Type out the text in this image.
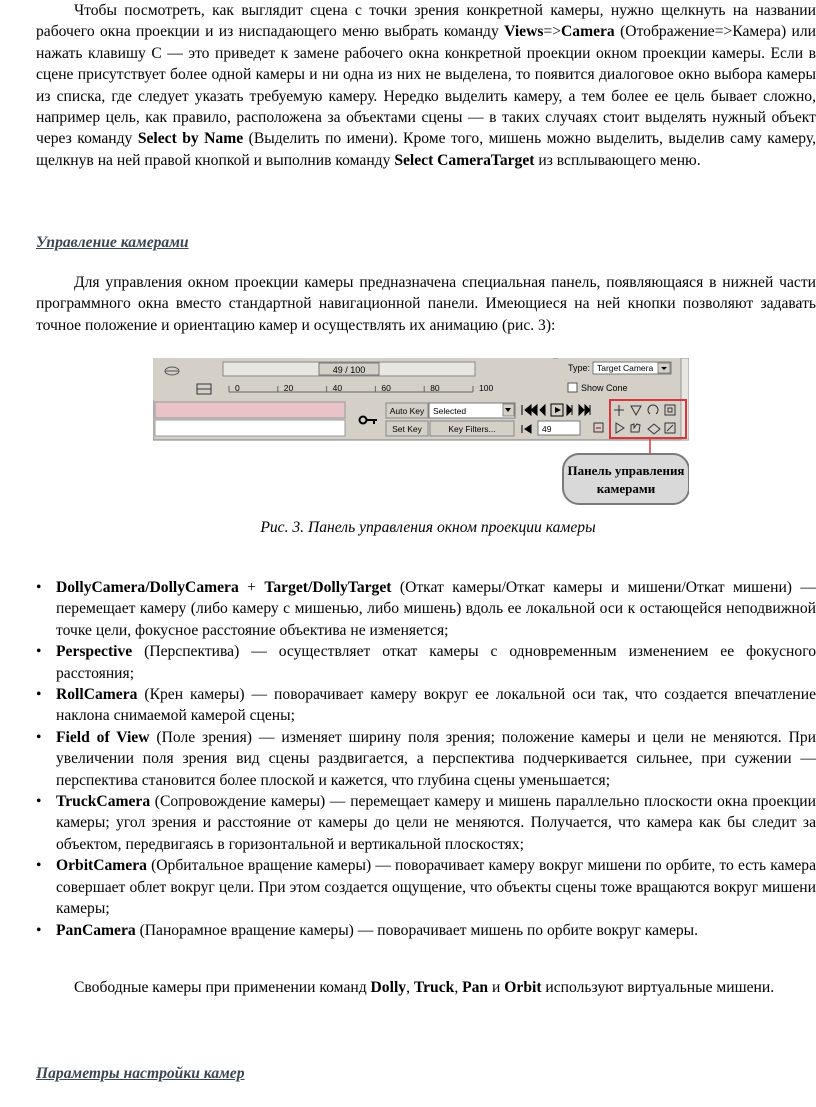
Чтобы посмотреть, как выглядит сцена с точки зрения конкретной камеры, нужно щелкнуть на названии рабочего окна проекции и из ниспадающего меню выбрать команду Views=>Camera (Отображение=>Камера) или нажать клавишу C — это приведет к замене рабочего окна конкретной проекции окном проекции камеры. Если в сцене присутствует более одной камеры и ни одна из них не выделена, то появится диалоговое окно выбора камеры из списка, где следует указать требуемую камеру. Нередко выделить камеру, а тем более ее цель бывает сложно, например цель, как правило, расположена за объектами сцены — в таких случаях стоит выделять нужный объект через команду Select by Name (Выделить по имени). Кроме того, мишень можно выделить, выделив саму камеру, щелкнув на ней правой кнопкой и выполнив команду Select CameraTarget из всплывающего меню.

Управление камерами

Для управления окном проекции камеры предназначена специальная панель, появляющаяся в нижней части программного окна вместо стандартной навигационной панели. Имеющиеся на ней кнопки позволяют задавать точное положение и ориентацию камер и осуществлять их анимацию (рис. 3):

49 / 100	Type: Target Camera
Show Cone
0	20	40	60	80	100
Auto Key Selected
Set Key	Key Filters...	49
Панель управления
камерами
Рис. 3. Панель управления окном проекции камеры
• DollyCamera/DollyCamera + Target/DollyTarget (Откат камеры/Откат камеры и мишени/Откат мишени) — перемещает камеру (либо камеру с мишенью, либо мишень) вдоль ее локальной оси к остающейся неподвижной точке цели, фокусное расстояние объектива не изменяется;
• Perspective (Перспектива) — осуществляет откат камеры с одновременным изменением ее фокусного расстояния;
• RollCamera (Крен камеры) — поворачивает камеру вокруг ее локальной оси так, что создается впечатление наклона снимаемой камерой сцены;
• Field of View (Поле зрения) — изменяет ширину поля зрения; положение камеры и цели не меняются. При увеличении поля зрения вид сцены раздвигается, а перспектива подчеркивается сильнее, при сужении — перспектива становится более плоской и кажется, что глубина сцены уменьшается;
• TruckCamera (Сопровождение камеры) — перемещает камеру и мишень параллельно плоскости окна проекции камеры; угол зрения и расстояние от камеры до цели не меняются. Получается, что камера как бы следит за объектом, передвигаясь в горизонтальной и вертикальной плоскостях;
• OrbitCamera (Орбитальное вращение камеры) — поворачивает камеру вокруг мишени по орбите, то есть камера совершает облет вокруг цели. При этом создается ощущение, что объекты сцены тоже вращаются вокруг мишени камеры;
• PanCamera (Панорамное вращение камеры) — поворачивает мишень по орбите вокруг камеры.

Свободные камеры при применении команд Dolly, Truck, Pan и Orbit используют виртуальные мишени.

Параметры настройки камер
